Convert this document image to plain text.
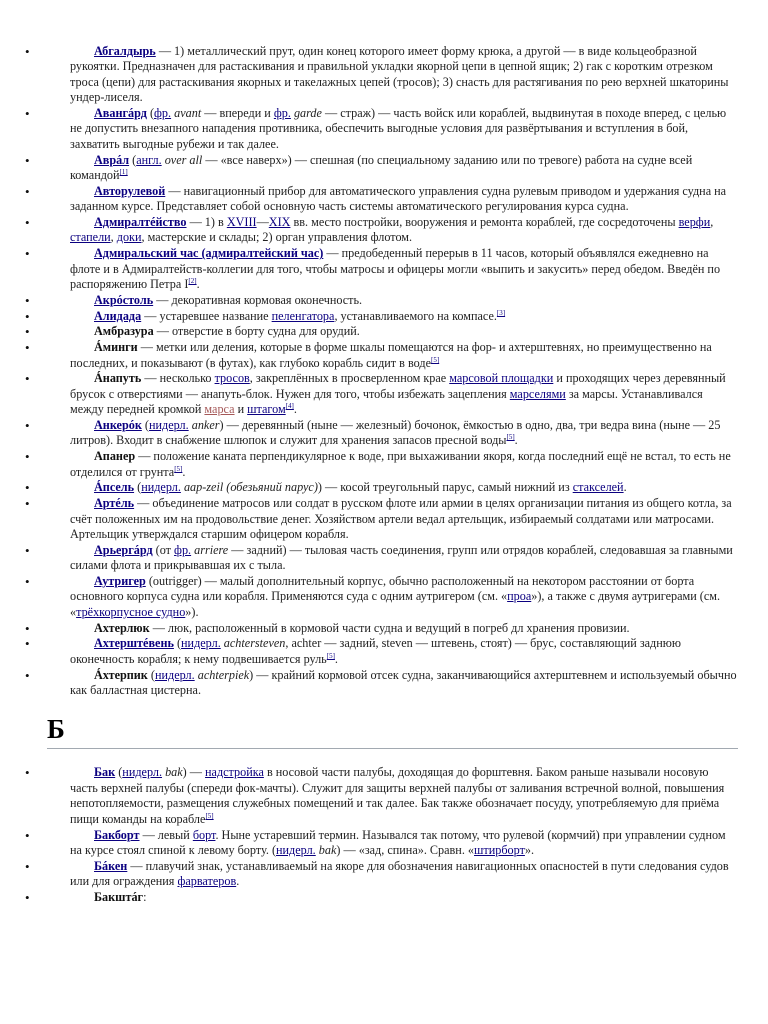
• Абгалдырь — 1) металлический прут, один конец которого имеет форму крюка, а другой — в виде кольцеобразной рукоятки. Предназначен для растаскивания и правильной укладки якорной цепи в цепной ящик; 2) гак с коротким отрезком троса (цепи) для растаскивания якорных и такелажных цепей (тросов); 3) снасть для растягивания по рею верхней шкаторины ундер-лиселя.
• Авангáрд (фр. avant — впереди и фр. garde — страж) — часть войск или кораблей, выдвинутая в походе вперед, с целью не допустить внезапного нападения противника, обеспечить выгодные условия для развёртывания и вступления в бой, захватить выгодные рубежи и так далее.
• Аврáл (англ. over all — «все наверх») — спешная (по специальному заданию или по тревоге) работа на судне всей командой[1]
• Авторулевой — навигационный прибор для автоматического управления судна рулевым приводом и удержания судна на заданном курсе. Представляет собой основную часть системы автоматического регулирования курса судна.
• Адмиралтéйство — 1) в XVIII—XIX вв. место постройки, вооружения и ремонта кораблей, где сосредоточены верфи, стапели, доки, мастерские и склады; 2) орган управления флотом.
• Адмиральский час (адмиралтейский час) — предобеденный перерыв в 11 часов, который объявлялся ежедневно на флоте и в Адмиралтейств-коллегии для того, чтобы матросы и офицеры могли «выпить и закусить» перед обедом. Введён по распоряжению Петра I[2].
• Акрóстоль — декоративная кормовая оконечность.
• Алидада — устаревшее название пеленгатора, устанавливаемого на компасе.[3]
• Амбразура — отверстие в борту судна для орудий.
• Áминги — метки или деления, которые в форме шкалы помещаются на фор- и ахтерштевнях, но преимущественно на последних, и показывают (в футах), как глубоко корабль сидит в воде[5]
• Áнапуть — несколько тросов, закреплённых в просверленном крае марсовой площадки и проходящих через деревянный брусок с отверстиями — анапуть-блок. Нужен для того, чтобы избежать зацепления марселями за марсы. Устанавливался между передней кромкой марса и штагом[4].
• Анкерóк (нидерл. anker) — деревянный (ныне — железный) бочонок, ёмкостью в одно, два, три ведра вина (ныне — 25 литров). Входит в снабжение шлюпок и служит для хранения запасов пресной воды[5].
• Апанер — положение каната перпендикулярное к воде, при выхаживании якоря, когда последний ещё не встал, то есть не отделился от грунта[5].
• Áпсель (нидерл. aap-zeil (обезьяний парус)) — косой треугольный парус, самый нижний из стакселей.
• Артéль — объединение матросов или солдат в русском флоте или армии в целях организации питания из общего котла, за счёт положенных им на продовольствие денег. Хозяйством артели ведал артельщик, избираемый солдатами или матросами. Артельщик утверждался старшим офицером корабля.
• Арьергáрд (от фр. arriere — задний) — тыловая часть соединения, групп или отрядов кораблей, следовавшая за главными силами флота и прикрывавшая их с тыла.
• Аутригер (outrigger) — малый дополнительный корпус, обычно расположенный на некотором расстоянии от борта основного корпуса судна или корабля. Применяются суда с одним аутригером (см. «проа»), а также с двумя аутригерами (см. «трёхкорпусное судно»).
• Ахтерлюк — люк, расположенный в кормовой части судна и ведущий в погреб дл хранения провизии.
• Ахтерштéвень (нидерл. achtersteven, achter — задний, steven — штевень, стоят) — брус, составляющий заднюю оконечность корабля; к нему подвешивается руль[5].
• Áхтерпик (нидерл. achterpiek) — крайний кормовой отсек судна, заканчивающийся ахтерштевнем и используемый обычно как балластная цистерна.
Б
• Бак (нидерл. bak) — надстройка в носовой части палубы, доходящая до форштевня. Баком раньше называли носовую часть верхней палубы (спереди фок-мачты). Служит для защиты верхней палубы от заливания встречной волной, повышения непотопляемости, размещения служебных помещений и так далее. Бак также обозначает посуду, употребляемую для приёма пищи команды на корабле[5]
• Бакборт — левый борт. Ныне устаревший термин. Назывался так потому, что рулевой (кормчий) при управлении судном на курсе стоял спиной к левому борту. (нидерл. bak) — «зад, спина». Сравн. «штирборт».
• Бáкен — плавучий знак, устанавливаемый на якоре для обозначения навигационных опасностей в пути следования судов или для ограждения фарватеров.
• Бакштáг:
